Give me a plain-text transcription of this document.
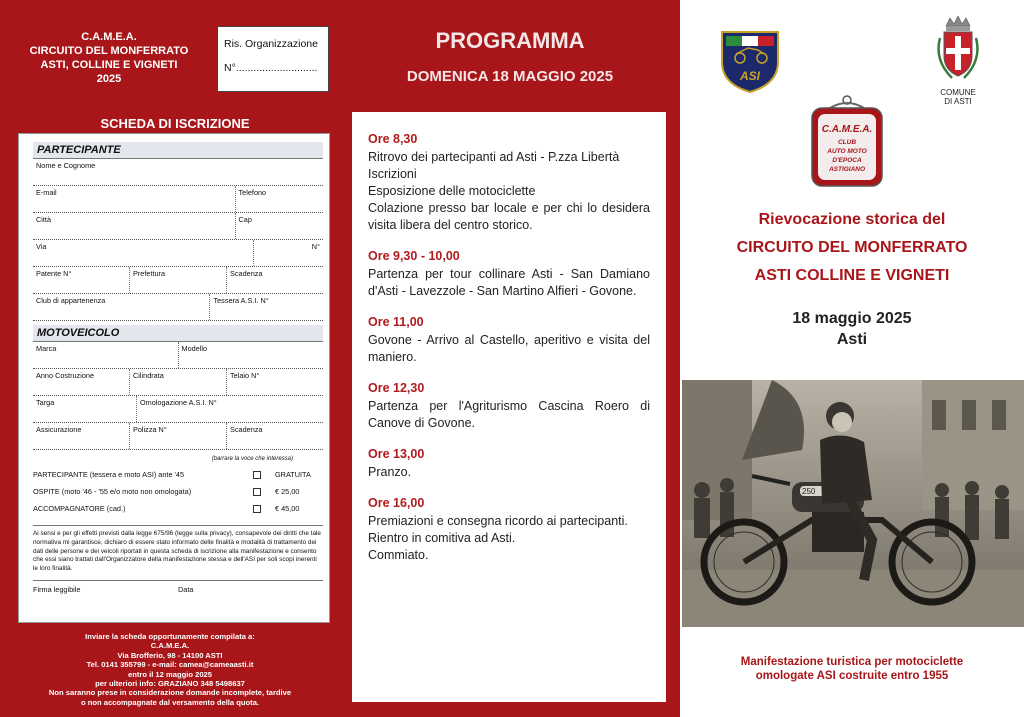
C.A.M.E.A.
CIRCUITO DEL MONFERRATO
ASTI, COLLINE E VIGNETI
2025
Ris. Organizzazione
N°............................
SCHEDA DI ISCRIZIONE
PARTECIPANTE
Nome e Cognome
E-mail	Telefono
Città	Cap
Via	N°
Patente N°	Prefettura	Scadenza
Club di appartenenza	Tessera A.S.I. N°
MOTOVEICOLO
Marca	Modello
Anno Costruzione	Cilindrata	Telaio N°
Targa	Omologazione A.S.I. N°
Assicurazione	Polizza N°	Scadenza
(barrare la voce che interessa)
PARTECIPANTE (tessera e moto ASI) ante '45	GRATUITA
OSPITE (moto '46 - '55 e/o moto non omologata)	€ 25,00
ACCOMPAGNATORE (cad.)	€ 45,00
Ai sensi e per gli effetti previsti dalla legge 675/96 (legge sulla privacy), consapevole dei diritti che tale normativa mi garantisce, dichiaro di essere stato informato delle finalità e modalità di trattamento dei dati delle persone e dei veicoli riportati in questa scheda di iscrizione alla manifestazione e consento che essi siano trattati dall'Organizzatore della manifestazione stessa e dell'ASI per soli scopi inerenti le loro finalità.
Firma leggibile	Data
Inviare la scheda opportunamente compilata a:
C.A.M.E.A.
Via Brofferio, 98 - 14100 ASTI
Tel. 0141 355799 - e-mail: camea@cameaasti.it
entro il 12 maggio 2025
per ulteriori info: GRAZIANO 348 5498637
Non saranno prese in considerazione domande incomplete, tardive
o non accompagnate dal versamento della quota.
PROGRAMMA
DOMENICA 18 MAGGIO 2025
Ore 8,30
Ritrovo dei partecipanti ad Asti - P.zza Libertà
Iscrizioni
Esposizione delle motociclette
Colazione presso bar locale e per chi lo desidera visita libera del centro storico.
Ore 9,30 - 10,00
Partenza per tour collinare Asti - San Damiano d'Asti - Lavezzole - San Martino Alfieri - Govone.
Ore 11,00
Govone - Arrivo al Castello, aperitivo e visita del maniero.
Ore 12,30
Partenza per l'Agriturismo Cascina Roero di Canove di Govone.
Ore 13,00
Pranzo.
Ore 16,00
Premiazioni e consegna ricordo ai partecipanti.
Rientro in comitiva ad Asti.
Commiato.
ASI
COMUNE
DI ASTI
C.A.M.E.A.
CLUB
AUTO MOTO
D'EPOCA
ASTIGIANO
Rievocazione storica del
CIRCUITO DEL MONFERRATO
ASTI COLLINE E VIGNETI
18 maggio 2025
Asti
250
Manifestazione turistica per motociclette
omologate ASI costruite entro 1955
